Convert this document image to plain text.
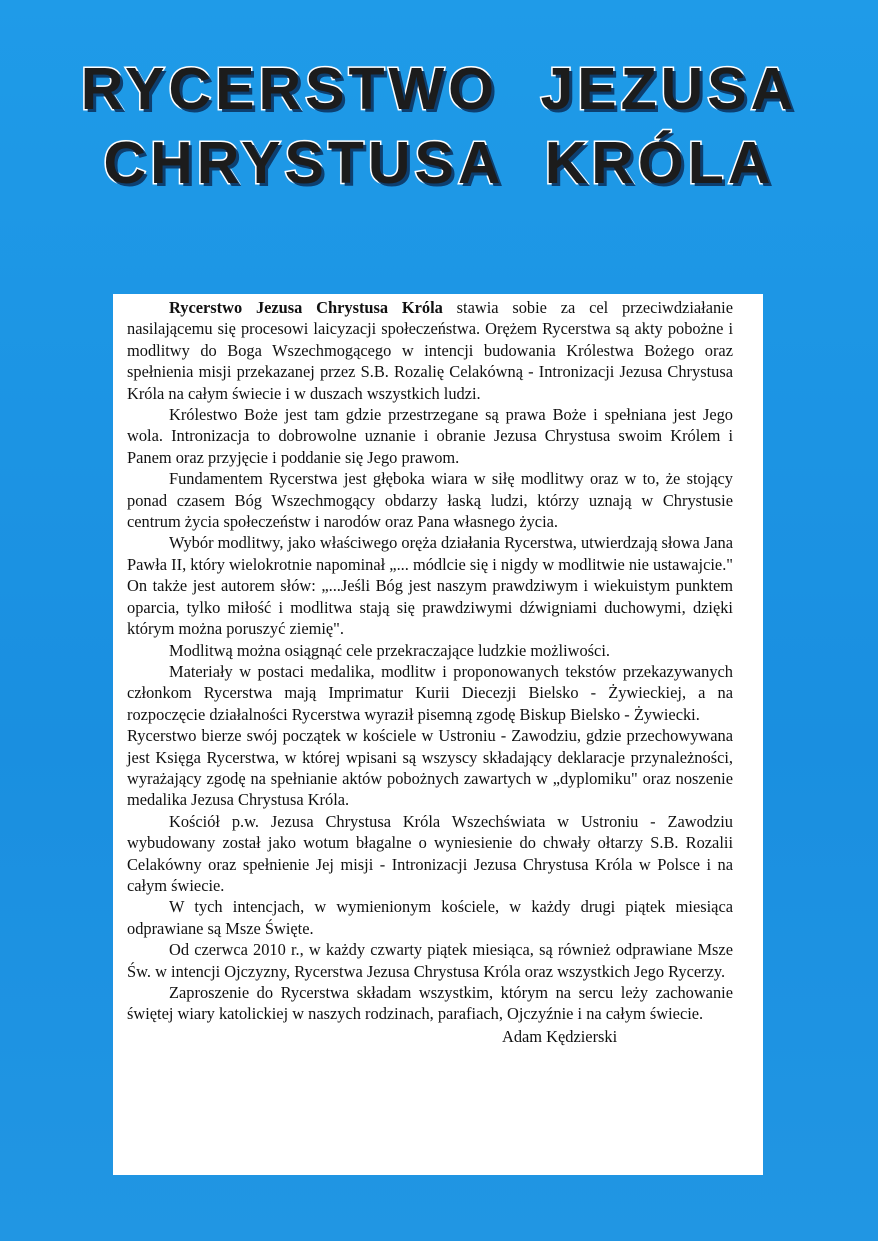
RYCERSTWO JEZUSA
CHRYSTUSA KRÓLA

Rycerstwo Jezusa Chrystusa Króla stawia sobie za cel przeciwdziałanie nasilającemu się procesowi laicyzacji społeczeństwa. Orężem Rycerstwa są akty pobożne i modlitwy do Boga Wszechmogącego w intencji budowania Królestwa Bożego oraz spełnienia misji przekazanej przez S.B. Rozalię Celakówną - Intronizacji Jezusa Chrystusa Króla na całym świecie i w duszach wszystkich ludzi.

Królestwo Boże jest tam gdzie przestrzegane są prawa Boże i spełniana jest Jego wola. Intronizacja to dobrowolne uznanie i obranie Jezusa Chrystusa swoim Królem i Panem oraz przyjęcie i poddanie się Jego prawom.

Fundamentem Rycerstwa jest głęboka wiara w siłę modlitwy oraz w to, że stojący ponad czasem Bóg Wszechmogący obdarzy łaską ludzi, którzy uznają w Chrystusie centrum życia społeczeństw i narodów oraz Pana własnego życia.

Wybór modlitwy, jako właściwego oręża działania Rycerstwa, utwierdzają słowa Jana Pawła II, który wielokrotnie napominał „... módlcie się i nigdy w modlitwie nie ustawajcie." On także jest autorem słów: „...Jeśli Bóg jest naszym prawdziwym i wiekuistym punktem oparcia, tylko miłość i modlitwa stają się prawdziwymi dźwigniami duchowymi, dzięki którym można poruszyć ziemię".

Modlitwą można osiągnąć cele przekraczające ludzkie możliwości.

Materiały w postaci medalika, modlitw i proponowanych tekstów przekazywanych członkom Rycerstwa mają Imprimatur Kurii Diecezji Bielsko - Żywieckiej, a na rozpoczęcie działalności Rycerstwa wyraził pisemną zgodę Biskup Bielsko - Żywiecki.

Rycerstwo bierze swój początek w kościele w Ustroniu - Zawodziu, gdzie przechowywana jest Księga Rycerstwa, w której wpisani są wszyscy składający deklaracje przynależności, wyrażający zgodę na spełnianie aktów pobożnych zawartych w „dyplomiku" oraz noszenie medalika Jezusa Chrystusa Króla.

Kościół p.w. Jezusa Chrystusa Króla Wszechświata w Ustroniu - Zawodziu wybudowany został jako wotum błagalne o wyniesienie do chwały ołtarzy S.B. Rozalii Celakówny oraz spełnienie Jej misji - Intronizacji Jezusa Chrystusa Króla w Polsce i na całym świecie.

W tych intencjach, w wymienionym kościele, w każdy drugi piątek miesiąca odprawiane są Msze Święte.

Od czerwca 2010 r., w każdy czwarty piątek miesiąca, są również odprawiane Msze Św. w intencji Ojczyzny, Rycerstwa Jezusa Chrystusa Króla oraz wszystkich Jego Rycerzy.

Zaproszenie do Rycerstwa składam wszystkim, którym na sercu leży zachowanie świętej wiary katolickiej w naszych rodzinach, parafiach, Ojczyźnie i na całym świecie.

Adam Kędzierski
